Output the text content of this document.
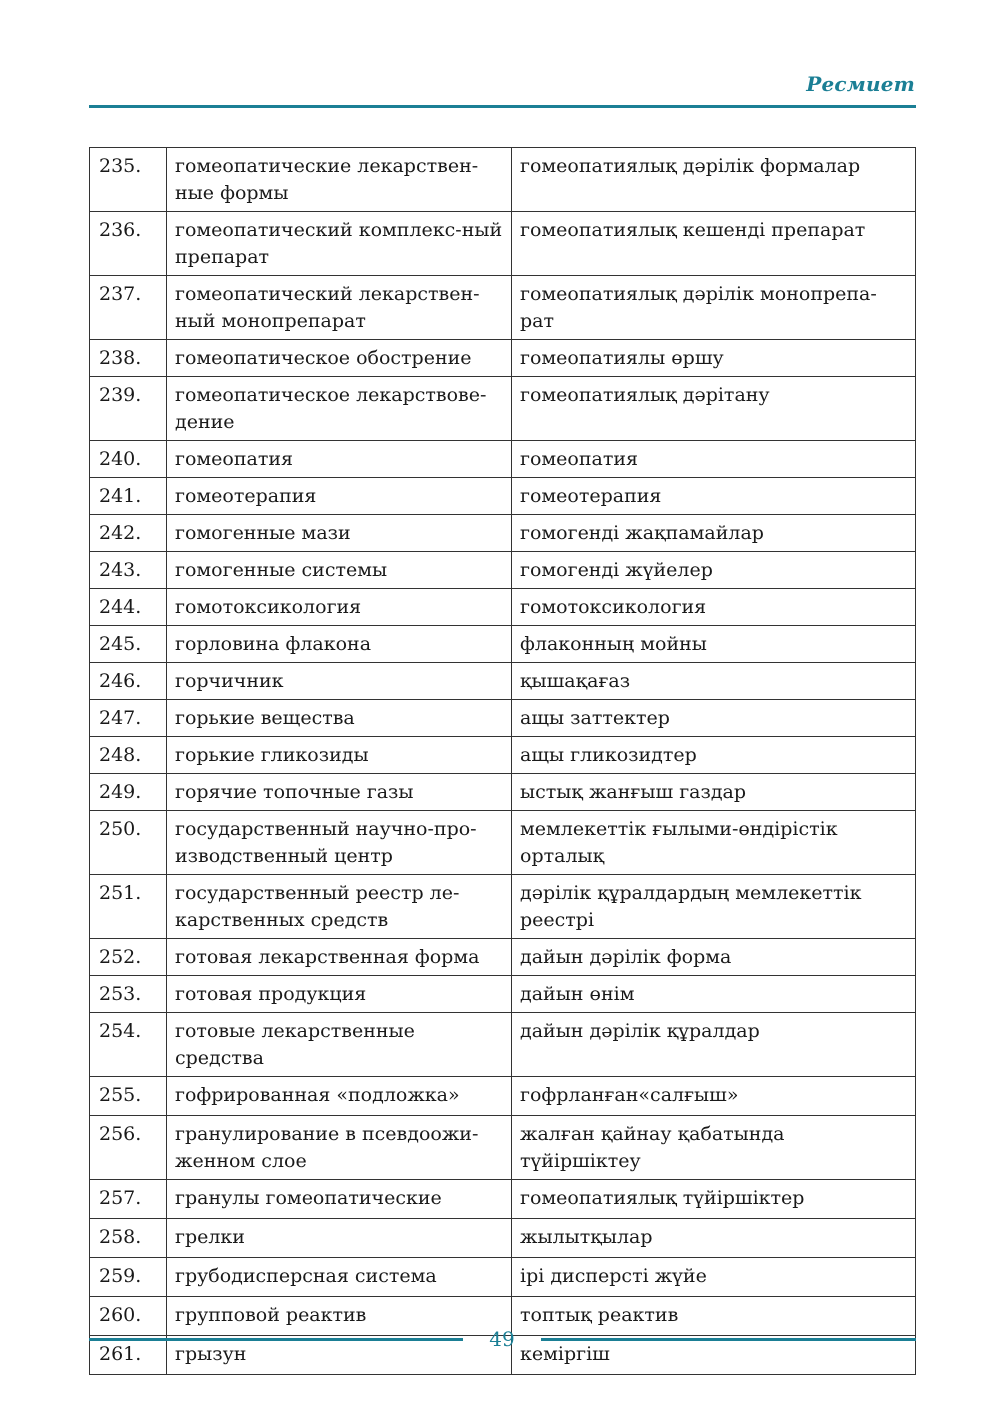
Ресмиет
235.	гомеопатические лекарствен-ные формы	гомеопатиялық дәрілік формалар
236.	гомеопатический комплекс-ный препарат	гомеопатиялық кешенді препарат
237.	гомеопатический лекарствен-ный монопрепарат	гомеопатиялық дәрілік монопрепа-рат
238.	гомеопатическое обострение	гомеопатиялы өршу
239.	гомеопатическое лекарствове-дение	гомеопатиялық дәрітану
240.	гомеопатия	гомеопатия
241.	гомеотерапия	гомеотерапия
242.	гомогенные мази	гомогенді жақпамайлар
243.	гомогенные системы	гомогенді жүйелер
244.	гомотоксикология	гомотоксикология
245.	горловина флакона	флаконның мойны
246.	горчичник	қышақағаз
247.	горькие вещества	ащы заттектер
248.	горькие гликозиды	ащы гликозидтер
249.	горячие топочные газы	ыстық жанғыш газдар
250.	государственный научно-про-изводственный центр	мемлекеттік ғылыми-өндірістік орталық
251.	государственный реестр ле-карственных средств	дәрілік құралдардың мемлекеттік реестрі
252.	готовая лекарственная форма	дайын дәрілік форма
253.	готовая продукция	дайын өнім
254.	готовые лекарственные средства	дайын дәрілік құралдар
255.	гофрированная «подложка»	гофрланған«салғыш»
256.	гранулирование в псевдоожи-женном слое	жалған қайнау қабатында түйіршіктеу
257.	гранулы гомеопатические	гомеопатиялық түйіршіктер
258.	грелки	жылытқылар
259.	грубодисперсная система	ірі дисперсті жүйе
260.	групповой реактив	топтық реактив
261.	грызун	кеміргіш
49
